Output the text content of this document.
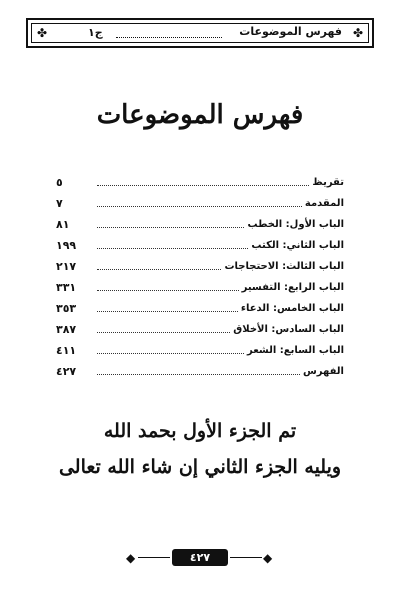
✤	✤
فهرس الموضوعات
ج١
فهرس الموضوعات
٥	تقريظ
٧	المقدمة
٨١	الباب الأول: الخطب
١٩٩	الباب الثاني: الكتب
٢١٧	الباب الثالث: الاحتجاجات
٣٣١	الباب الرابع: التفسير
٣٥٣	الباب الخامس: الدعاء
٣٨٧	الباب السادس: الأخلاق
٤١١	الباب السابع: الشعر
٤٢٧	الفهرس
تم الجزء الأول بحمد الله
ويليه الجزء الثاني إن شاء الله تعالى
◆	٤٢٧	◆
